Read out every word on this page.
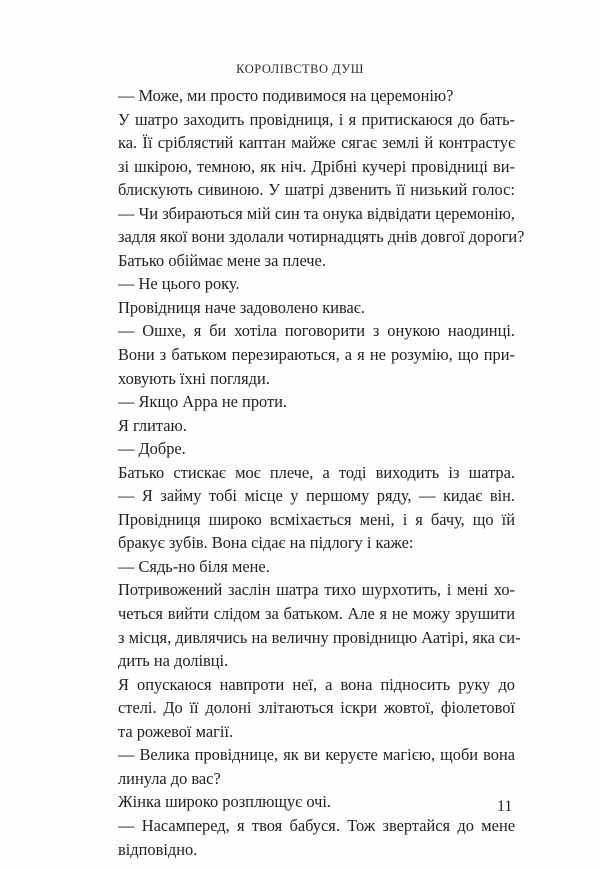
КОРОЛІВСТВО ДУШ
— Може, ми просто подивимося на церемонію?
У шатро заходить провідниця, і я притискаюся до бать-
ка. Її сріблястий каптан майже сягає землі й контрастує
зі шкірою, темною, як ніч. Дрібні кучері провідниці ви-
блискують сивиною. У шатрі дзвенить її низький голос:
— Чи збираються мій син та онука відвідати церемонію,
задля якої вони здолали чотирнадцять днів довгої дороги?
Батько обіймає мене за плече.
— Не цього року.
Провідниця наче задоволено киває.
— Ошхе, я би хотіла поговорити з онукою наодинці.
Вони з батьком перезираються, а я не розумію, що при-
ховують їхні погляди.
— Якщо Арра не проти.
Я глитаю.
— Добре.
Батько стискає моє плече, а тоді виходить із шатра.
— Я займу тобі місце у першому ряду, — кидає він.
Провідниця широко всміхається мені, і я бачу, що їй
бракує зубів. Вона сідає на підлогу і каже:
— Сядь-но біля мене.
Потривожений заслін шатра тихо шурхотить, і мені хо-
четься вийти слідом за батьком. Але я не можу зрушити
з місця, дивлячись на величну провідницю Аатірі, яка си-
дить на долівці.
Я опускаюся навпроти неї, а вона підносить руку до
стелі. До її долоні злітаються іскри жовтої, фіолетової
та рожевої магії.
— Велика провіднице, як ви керуєте магією, щоби вона
линула до вас?
Жінка широко розплющує очі.
— Насамперед, я твоя бабуся. Тож звертайся до мене
відповідно.
11
